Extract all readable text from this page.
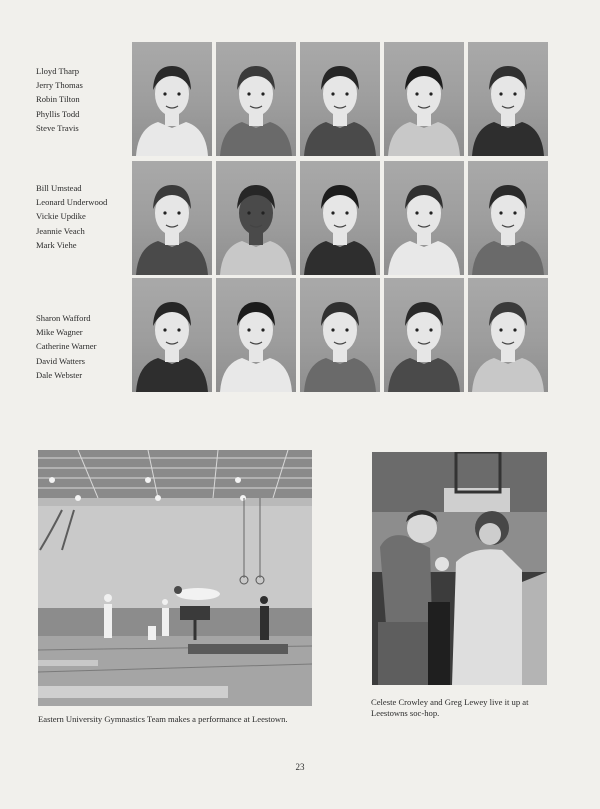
Lloyd Tharp
Jerry Thomas
Robin Tilton
Phyllis Todd
Steve Travis
Bill Umstead
Leonard Underwood
Vickie Updike
Jeannie Veach
Mark Viehe
Sharon Wafford
Mike Wagner
Catherine Warner
David Watters
Dale Webster
Eastern University Gymnastics Team makes a performance at Leestown.
Celeste Crowley and Greg Lewey live it up at Leestowns soc-hop.
23
